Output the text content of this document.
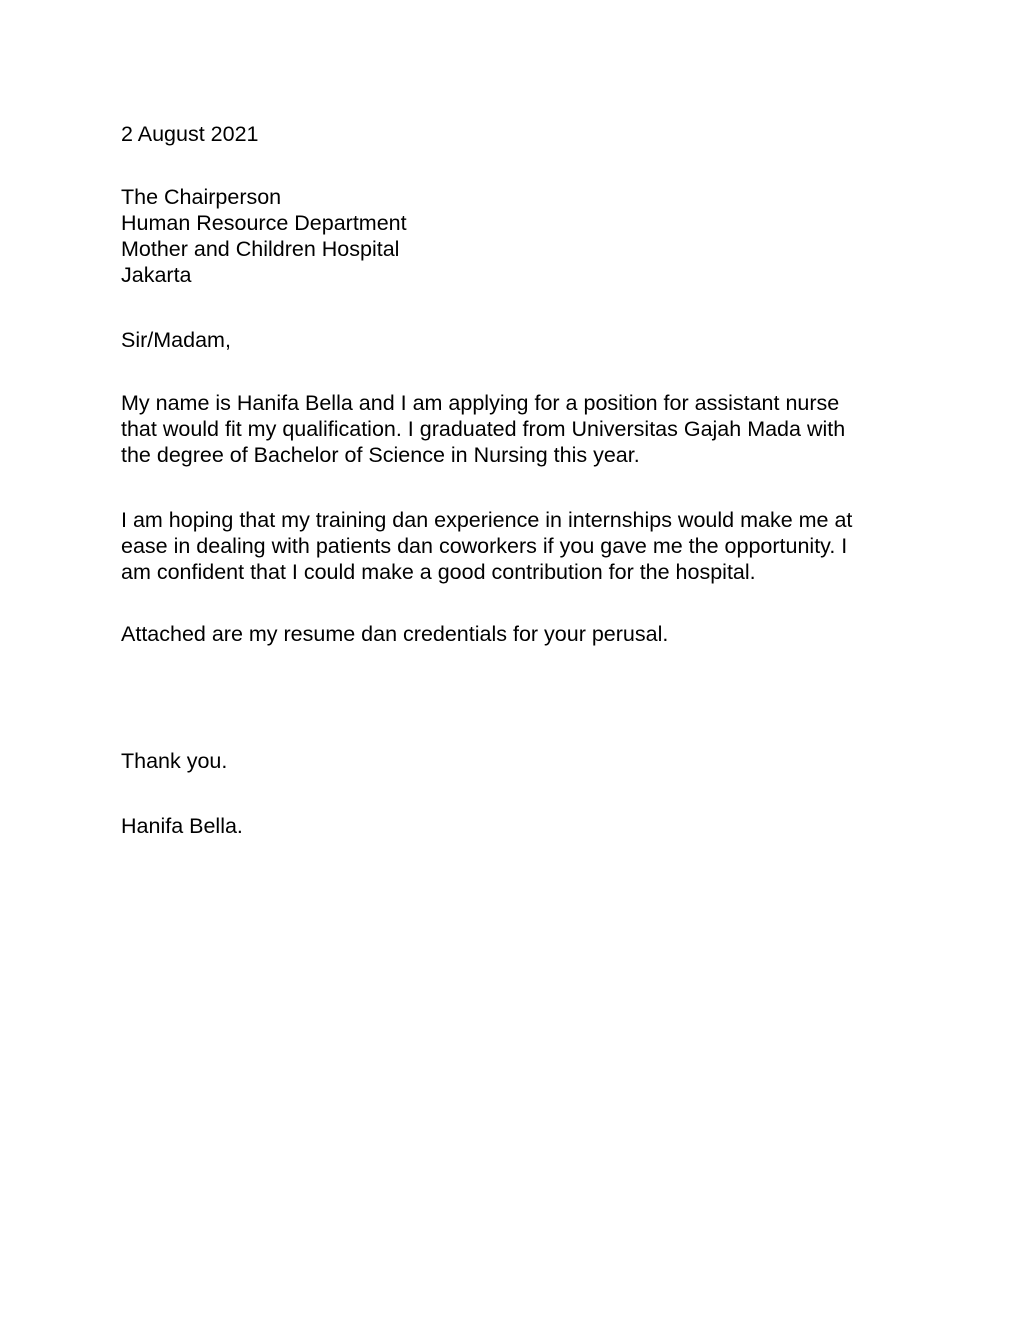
2 August 2021

The Chairperson
Human Resource Department
Mother and Children Hospital
Jakarta

Sir/Madam,

My name is Hanifa Bella and I am applying for a position for assistant nurse
that would fit my qualification. I graduated from Universitas Gajah Mada with
the degree of Bachelor of Science in Nursing this year.
I am hoping that my training dan experience in internships would make me at
ease in dealing with patients dan coworkers if you gave me the opportunity. I
am confident that I could make a good contribution for the hospital.

Attached are my resume dan credentials for your perusal.

Thank you.

Hanifa Bella.
